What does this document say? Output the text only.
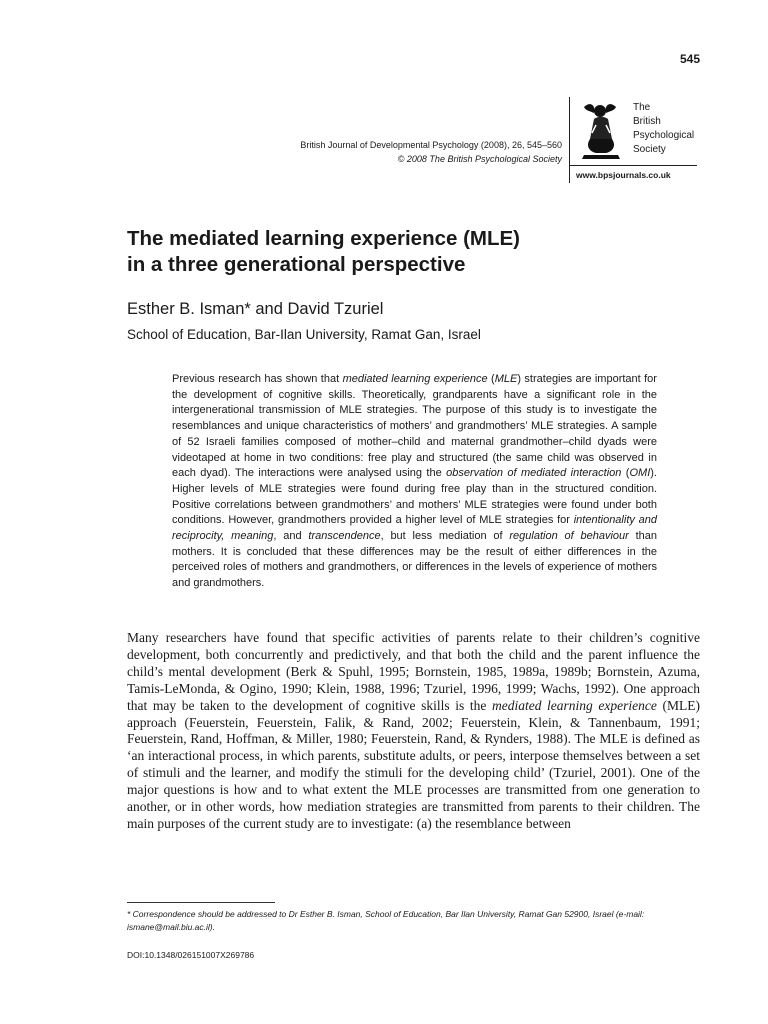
545
British Journal of Developmental Psychology (2008), 26, 545–560
© 2008 The British Psychological Society
The
British
Psychological
Society
www.bpsjournals.co.uk
The mediated learning experience (MLE)
in a three generational perspective
Esther B. Isman* and David Tzuriel
School of Education, Bar-Ilan University, Ramat Gan, Israel

Previous research has shown that mediated learning experience (MLE) strategies are important for the development of cognitive skills. Theoretically, grandparents have a significant role in the intergenerational transmission of MLE strategies. The purpose of this study is to investigate the resemblances and unique characteristics of mothers’ and grandmothers’ MLE strategies. A sample of 52 Israeli families composed of mother–child and maternal grandmother–child dyads were videotaped at home in two conditions: free play and structured (the same child was observed in each dyad). The interactions were analysed using the observation of mediated interaction (OMI). Higher levels of MLE strategies were found during free play than in the structured condition. Positive correlations between grandmothers’ and mothers’ MLE strategies were found under both conditions. However, grandmothers provided a higher level of MLE strategies for intentionality and reciprocity, meaning, and transcendence, but less mediation of regulation of behaviour than mothers. It is concluded that these differences may be the result of either differences in the perceived roles of mothers and grandmothers, or differences in the levels of experience of mothers and grandmothers.

Many researchers have found that specific activities of parents relate to their children’s cognitive development, both concurrently and predictively, and that both the child and the parent influence the child’s mental development (Berk & Spuhl, 1995; Bornstein, 1985, 1989a, 1989b; Bornstein, Azuma, Tamis-LeMonda, & Ogino, 1990; Klein, 1988, 1996; Tzuriel, 1996, 1999; Wachs, 1992). One approach that may be taken to the development of cognitive skills is the mediated learning experience (MLE) approach (Feuerstein, Feuerstein, Falik, & Rand, 2002; Feuerstein, Klein, & Tannenbaum, 1991; Feuerstein, Rand, Hoffman, & Miller, 1980; Feuerstein, Rand, & Rynders, 1988). The MLE is defined as ‘an interactional process, in which parents, substitute adults, or peers, interpose themselves between a set of stimuli and the learner, and modify the stimuli for the developing child’ (Tzuriel, 2001). One of the major questions is how and to what extent the MLE processes are transmitted from one generation to another, or in other words, how mediation strategies are transmitted from parents to their children. The main purposes of the current study are to investigate: (a) the resemblance between

* Correspondence should be addressed to Dr Esther B. Isman, School of Education, Bar Ilan University, Ramat Gan 52900, Israel (e-mail: ismane@mail.biu.ac.il).

DOI:10.1348/026151007X269786
